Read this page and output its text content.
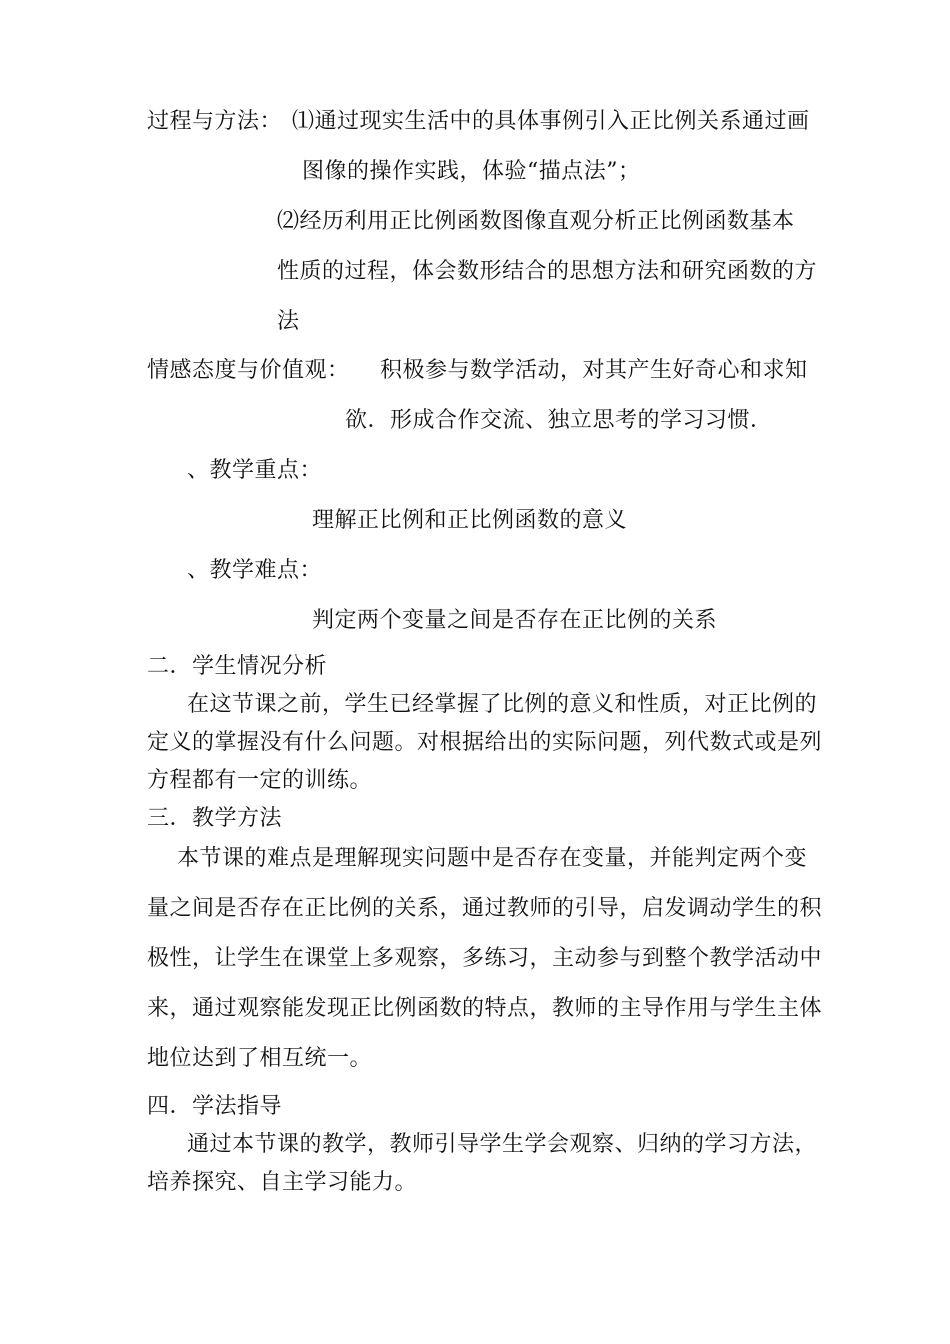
过程与方法： ⑴通过现实生活中的具体事例引入正比例关系通过画
图像的操作实践，体验“描点法”；
⑵经历利用正比例函数图像直观分析正比例函数基本
性质的过程，体会数形结合的思想方法和研究函数的方
法
情感态度与价值观： 积极参与数学活动，对其产生好奇心和求知
欲．形成合作交流、独立思考的学习习惯．
、教学重点：
理解正比例和正比例函数的意义
、教学难点：
判定两个变量之间是否存在正比例的关系
二．学生情况分析
在这节课之前，学生已经掌握了比例的意义和性质，对正比例的
定义的掌握没有什么问题。对根据给出的实际问题，列代数式或是列
方程都有一定的训练。
三．教学方法
本节课的难点是理解现实问题中是否存在变量，并能判定两个变
量之间是否存在正比例的关系，通过教师的引导，启发调动学生的积
极性，让学生在课堂上多观察，多练习，主动参与到整个教学活动中
来，通过观察能发现正比例函数的特点，教师的主导作用与学生主体
地位达到了相互统一。
四．学法指导
通过本节课的教学，教师引导学生学会观察、归纳的学习方法，
培养探究、自主学习能力。
